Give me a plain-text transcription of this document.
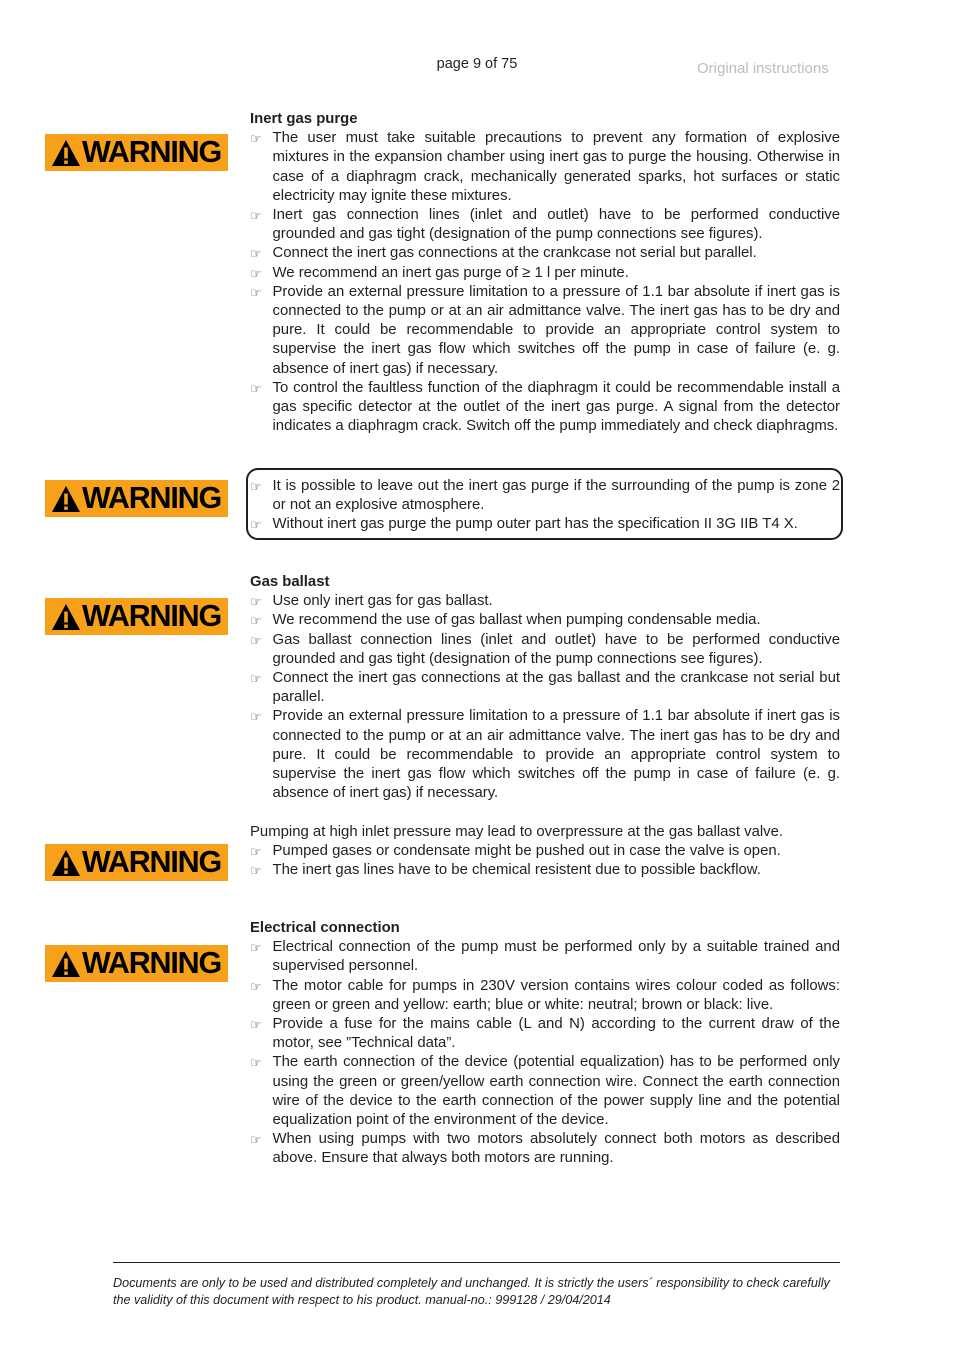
page 9 of 75	Original instructions
WARNING
WARNING
WARNING
WARNING
WARNING
Inert gas purge
☞ The user must take suitable precautions to prevent any formation of explosive mixtures in the expansion chamber using inert gas to purge the housing. Otherwise in case of a diaphragm crack, mechanically generated sparks, hot surfaces or static electricity may ignite these mixtures.
☞ Inert gas connection lines (inlet and outlet) have to be performed conductive grounded and gas tight (designation of the pump connections see figures).
☞ Connect the inert gas connections at the crankcase not serial but parallel.
☞ We recommend an inert gas purge of ≥ 1 l per minute.
☞ Provide an external pressure limitation to a pressure of 1.1 bar absolute if inert gas is connected to the pump or at an air admittance valve. The inert gas has to be dry and pure. It could be recommendable to provide an appropriate control system to supervise the inert gas flow which switches off the pump in case of failure (e. g. absence of inert gas) if necessary.
☞ To control the faultless function of the diaphragm it could be recommendable install a gas specific detector at the outlet of the inert gas purge. A signal from the detector indicates a diaphragm crack. Switch off the pump immediately and check diaphragms.
☞ It is possible to leave out the inert gas purge if the surrounding of the pump is zone 2 or not an explosive atmosphere.
☞ Without inert gas purge the pump outer part has the specification II 3G IIB T4 X.
Gas ballast
☞ Use only inert gas for gas ballast.
☞ We recommend the use of gas ballast when pumping condensable media.
☞ Gas ballast connection lines (inlet and outlet) have to be performed conductive grounded and gas tight (designation of the pump connections see figures).
☞ Connect the inert gas connections at the gas ballast and the crankcase not serial but parallel.
☞ Provide an external pressure limitation to a pressure of 1.1 bar absolute if inert gas is connected to the pump or at an air admittance valve. The inert gas has to be dry and pure. It could be recommendable to provide an appropriate control system to supervise the inert gas flow which switches off the pump in case of failure (e. g. absence of inert gas) if necessary.
Pumping at high inlet pressure may lead to overpressure at the gas ballast valve.
☞ Pumped gases or condensate might be pushed out in case the valve is open.
☞ The inert gas lines have to be chemical resistent due to possible backflow.
Electrical connection
☞ Electrical connection of the pump must be performed only by a suitable trained and supervised personnel.
☞ The motor cable for pumps in 230V version contains wires colour coded as follows: green or green and yellow: earth; blue or white: neutral; brown or black: live.
☞ Provide a fuse for the mains cable (L and N) according to the current draw of the motor, see ”Technical data”.
☞ The earth connection of the device (potential equalization) has to be performed only using the green or green/yellow earth connection wire. Connect the earth connection wire of the device to the earth connection of the power supply line and the potential equalization point of the environment of the device.
☞ When using pumps with two motors absolutely connect both motors as described above. Ensure that always both motors are running.
Documents are only to be used and distributed completely and unchanged. It is strictly the users´ responsibility to check carefully the validity of this document with respect to his product. manual-no.: 999128 / 29/04/2014
